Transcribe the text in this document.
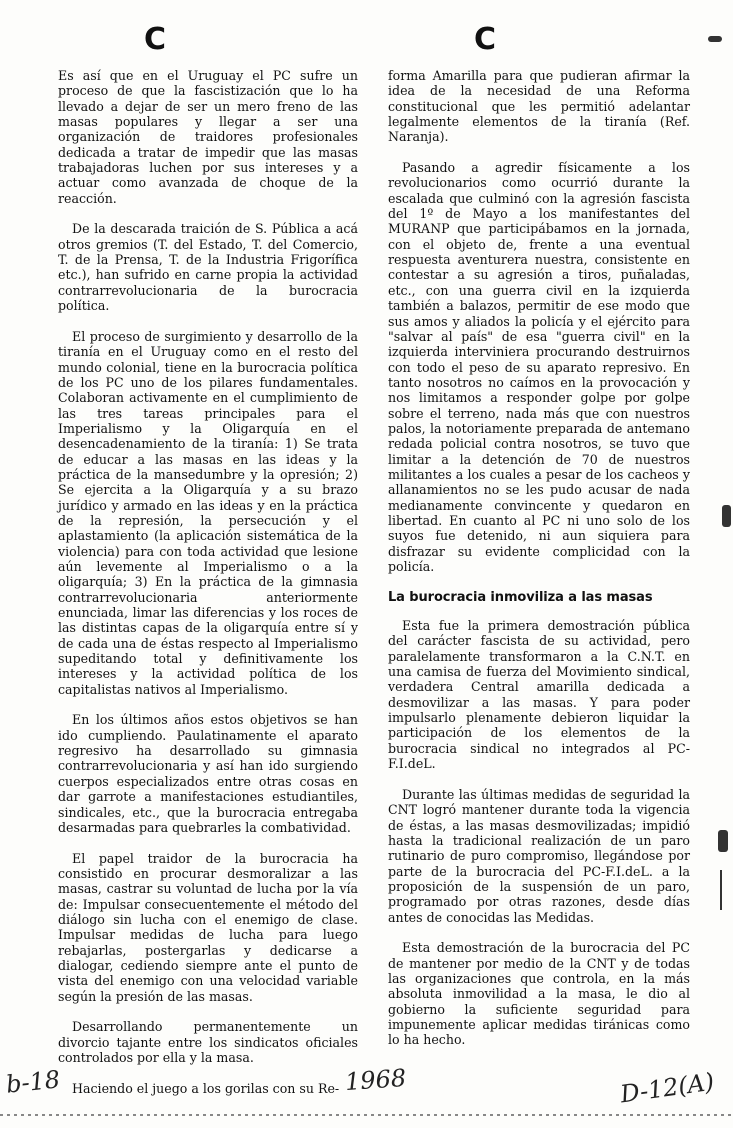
C	C

Es así que en el Uruguay el PC sufre un proceso de que la fascistización que lo ha llevado a dejar de ser un mero freno de las masas populares y llegar a ser una organización de traidores profesionales dedicada a tratar de impedir que las masas trabajadoras luchen por sus intereses y a actuar como avanzada de choque de la reacción.

De la descarada traición de S. Pública a acá otros gremios (T. del Estado, T. del Comercio, T. de la Prensa, T. de la Industria Frigorífica etc.), han sufrido en carne propia la actividad contrarrevolucionaria de la burocracia política.

El proceso de surgimiento y desarrollo de la tiranía en el Uruguay como en el resto del mundo colonial, tiene en la burocracia política de los PC uno de los pilares fundamentales. Colaboran activamente en el cumplimiento de las tres tareas principales para el Imperialismo y la Oligarquía en el desencadenamiento de la tiranía: 1) Se trata de educar a las masas en las ideas y la práctica de la mansedumbre y la opresión; 2) Se ejercita a la Oligarquía y a su brazo jurídico y armado en las ideas y en la práctica de la represión, la persecución y el aplastamiento (la aplicación sistemática de la violencia) para con toda actividad que lesione aún levemente al Imperialismo o a la oligarquía; 3) En la práctica de la gimnasia contrarrevolucionaria anteriormente enunciada, limar las diferencias y los roces de las distintas capas de la oligarquía entre sí y de cada una de éstas respecto al Imperialismo supeditando total y definitivamente los intereses y la actividad política de los capitalistas nativos al Imperialismo.

En los últimos años estos objetivos se han ido cumpliendo. Paulatinamente el aparato regresivo ha desarrollado su gimnasia contrarrevolucionaria y así han ido surgiendo cuerpos especializados entre otras cosas en dar garrote a manifestaciones estudiantiles, sindicales, etc., que la burocracia entregaba desarmadas para quebrarles la combatividad.

El papel traidor de la burocracia ha consistido en procurar desmoralizar a las masas, castrar su voluntad de lucha por la vía de: Impulsar consecuentemente el método del diálogo sin lucha con el enemigo de clase. Impulsar medidas de lucha para luego rebajarlas, postergarlas y dedicarse a dialogar, cediendo siempre ante el punto de vista del enemigo con una velocidad variable según la presión de las masas.

Desarrollando permanentemente un divorcio tajante entre los sindicatos oficiales controlados por ella y la masa.

Haciendo el juego a los gorilas con su Re-

forma Amarilla para que pudieran afirmar la idea de la necesidad de una Reforma constitucional que les permitió adelantar legalmente elementos de la tiranía (Ref. Naranja).

Pasando a agredir físicamente a los revolucionarios como ocurrió durante la escalada que culminó con la agresión fascista del 1º de Mayo a los manifestantes del MURANP que participábamos en la jornada, con el objeto de, frente a una eventual respuesta aventurera nuestra, consistente en contestar a su agresión a tiros, puñaladas, etc., con una guerra civil en la izquierda también a balazos, permitir de ese modo que sus amos y aliados la policía y el ejército para "salvar al país" de esa "guerra civil" en la izquierda interviniera procurando destruirnos con todo el peso de su aparato represivo. En tanto nosotros no caímos en la provocación y nos limitamos a responder golpe por golpe sobre el terreno, nada más que con nuestros palos, la notoriamente preparada de antemano redada policial contra nosotros, se tuvo que limitar a la detención de 70 de nuestros militantes a los cuales a pesar de los cacheos y allanamientos no se les pudo acusar de nada medianamente convincente y quedaron en libertad. En cuanto al PC ni uno solo de los suyos fue detenido, ni aun siquiera para disfrazar su evidente complicidad con la policía.

La burocracia inmoviliza a las masas

Esta fue la primera demostración pública del carácter fascista de su actividad, pero paralelamente transformaron a la C.N.T. en una camisa de fuerza del Movimiento sindical, verdadera Central amarilla dedicada a desmovilizar a las masas. Y para poder impulsarlo plenamente debieron liquidar la participación de los elementos de la burocracia sindical no integrados al PC-F.I.deL.

Durante las últimas medidas de seguridad la CNT logró mantener durante toda la vigencia de éstas, a las masas desmovilizadas; impidió hasta la tradicional realización de un paro rutinario de puro compromiso, llegándose por parte de la burocracia del PC-F.I.deL. a la proposición de la suspensión de un paro, programado por otras razones, desde días antes de conocidas las Medidas.

Esta demostración de la burocracia del PC de mantener por medio de la CNT y de todas las organizaciones que controla, en la más absoluta inmovilidad a la masa, le dio al gobierno la suficiente seguridad para impunemente aplicar medidas tiránicas como lo ha hecho.

b-18	1968	D-12(A)
